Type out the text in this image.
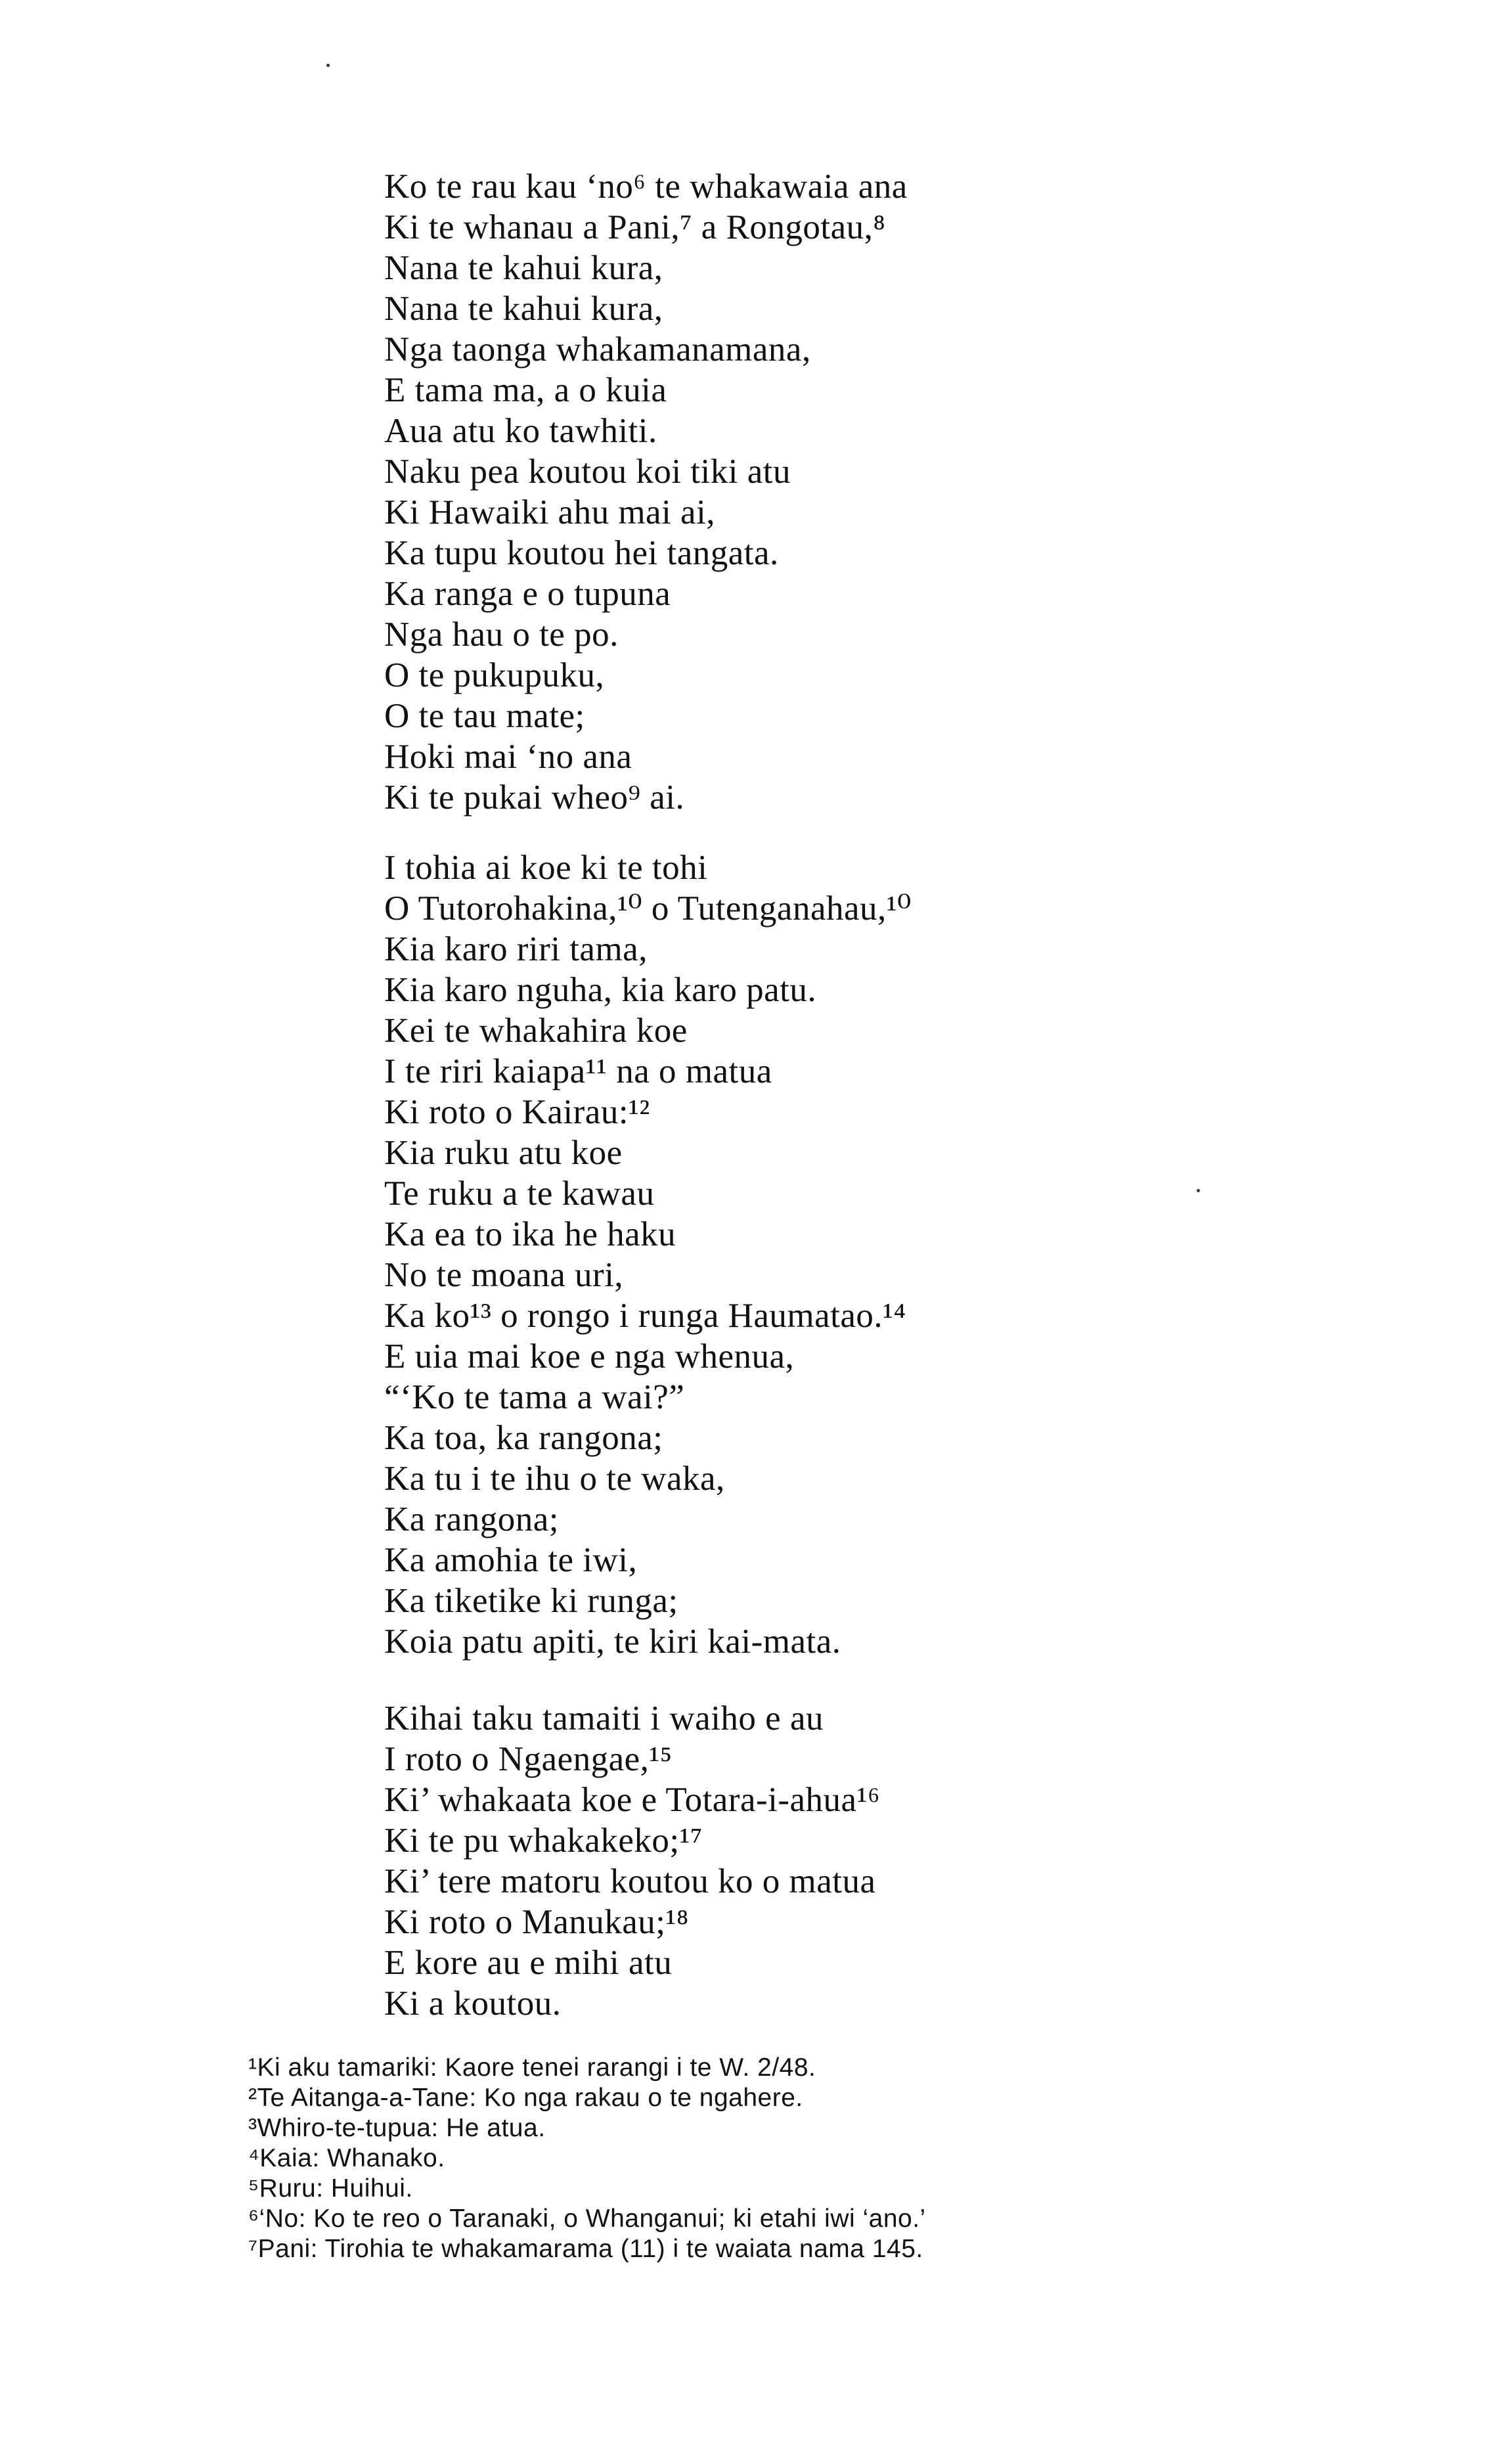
Ko te rau kau ‘no⁶ te whakawaia ana
Ki te whanau a Pani,⁷ a Rongotau,⁸
Nana te kahui kura,
Nana te kahui kura,
Nga taonga whakamanamana,
E tama ma, a o kuia
Aua atu ko tawhiti.
Naku pea koutou koi tiki atu
Ki Hawaiki ahu mai ai,
Ka tupu koutou hei tangata.
Ka ranga e o tupuna
Nga hau o te po.
O te pukupuku,
O te tau mate;
Hoki mai ‘no ana
Ki te pukai wheo⁹ ai.
I tohia ai koe ki te tohi
O Tutorohakina,¹⁰ o Tutenganahau,¹⁰
Kia karo riri tama,
Kia karo nguha, kia karo patu.
Kei te whakahira koe
I te riri kaiapa¹¹ na o matua
Ki roto o Kairau:¹²
Kia ruku atu koe
Te ruku a te kawau
Ka ea to ika he haku
No te moana uri,
Ka ko¹³ o rongo i runga Haumatao.¹⁴
E uia mai koe e nga whenua,
“‘Ko te tama a wai?”
Ka toa, ka rangona;
Ka tu i te ihu o te waka,
Ka rangona;
Ka amohia te iwi,
Ka tiketike ki runga;
Koia patu apiti, te kiri kai-mata.
Kihai taku tamaiti i waiho e au
I roto o Ngaengae,¹⁵
Ki’ whakaata koe e Totara-i-ahua¹⁶
Ki te pu whakakeko;¹⁷
Ki’ tere matoru koutou ko o matua
Ki roto o Manukau;¹⁸
E kore au e mihi atu
Ki a koutou.
¹Ki aku tamariki: Kaore tenei rarangi i te W. 2/48.
²Te Aitanga-a-Tane: Ko nga rakau o te ngahere.
³Whiro-te-tupua: He atua.
⁴Kaia: Whanako.
⁵Ruru: Huihui.
⁶‘No: Ko te reo o Taranaki, o Whanganui; ki etahi iwi ‘ano.’
⁷Pani: Tirohia te whakamarama (11) i te waiata nama 145.
